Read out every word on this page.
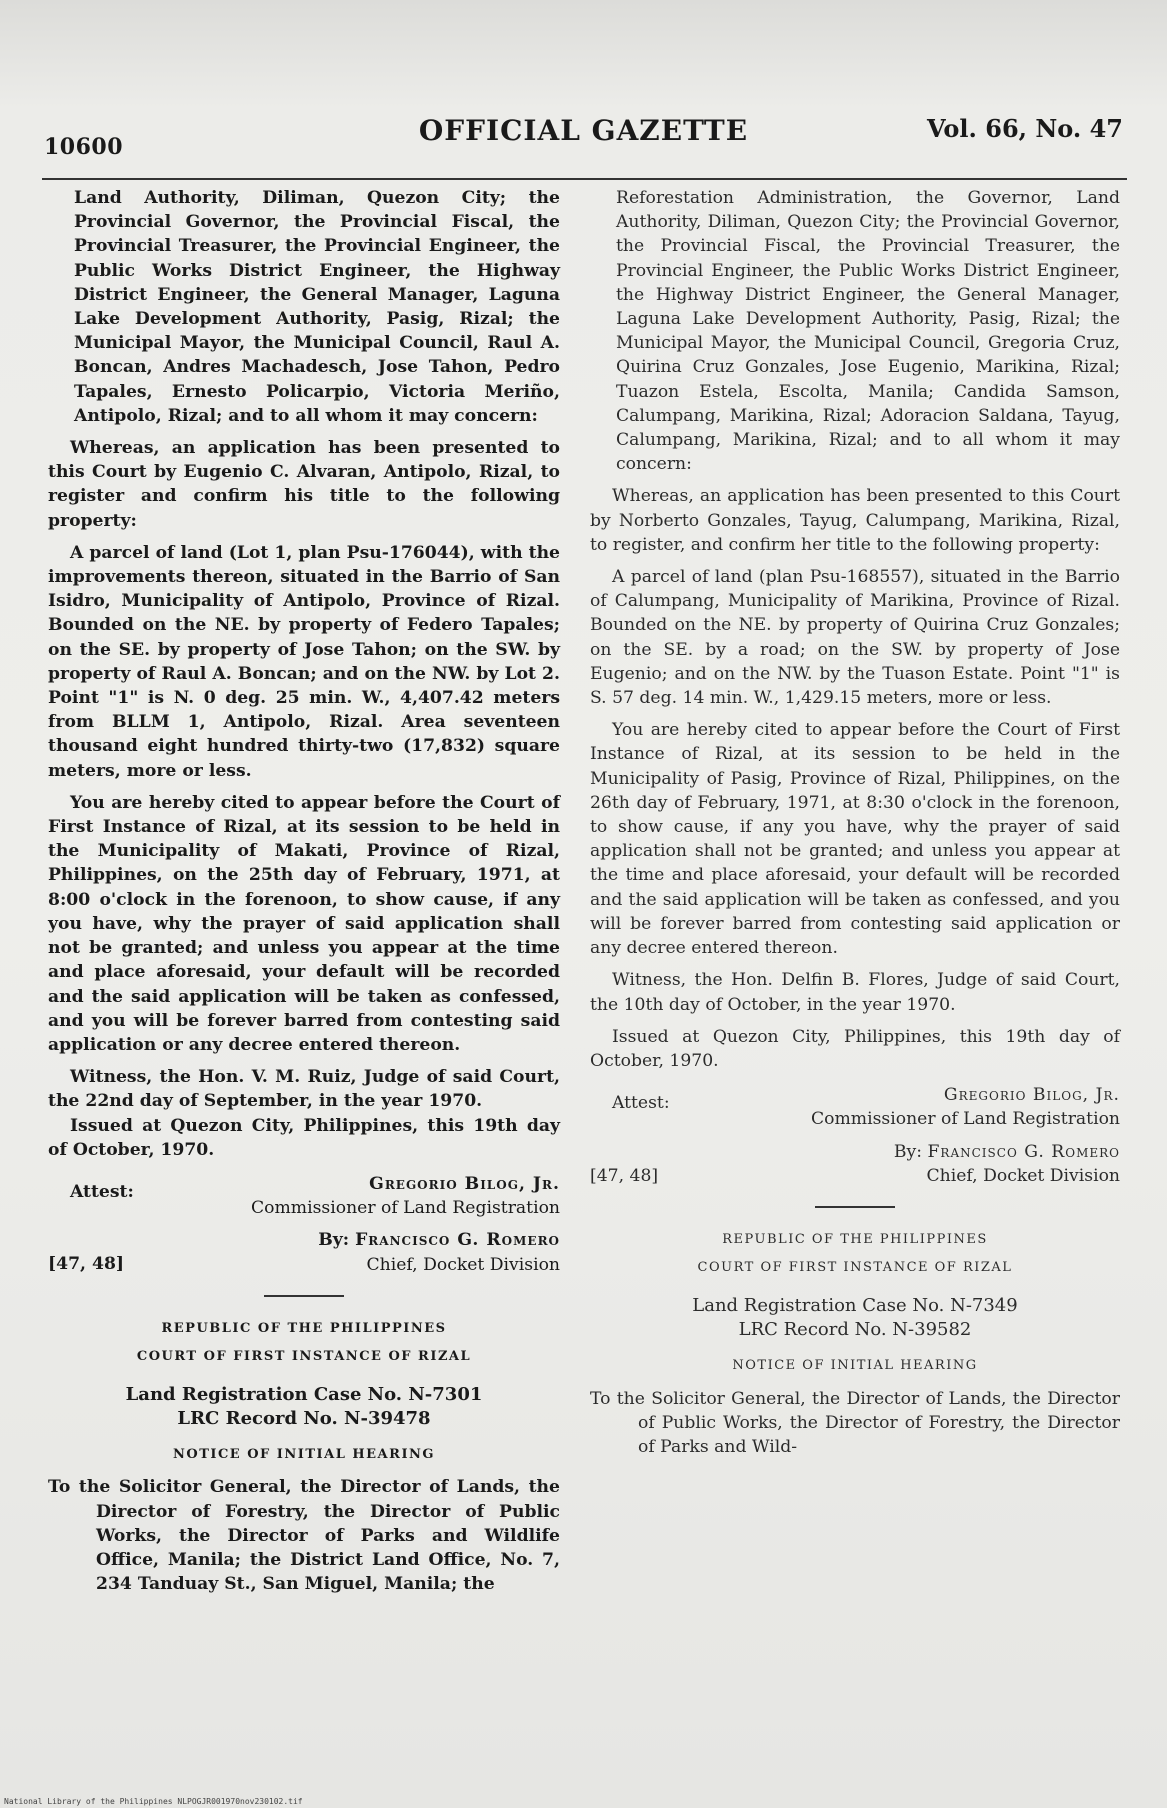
10600	OFFICIAL GAZETTE	Vol. 66, No. 47

Land Authority, Diliman, Quezon City; the Provincial Governor, the Provincial Fiscal, the Provincial Treasurer, the Provincial Engineer, the Public Works District Engineer, the Highway District Engineer, the General Manager, Laguna Lake Development Authority, Pasig, Rizal; the Municipal Mayor, the Municipal Council, Raul A. Boncan, Andres Machadesch, Jose Tahon, Pedro Tapales, Ernesto Policarpio, Victoria Meriño, Antipolo, Rizal; and to all whom it may concern:

Whereas, an application has been presented to this Court by Eugenio C. Alvaran, Antipolo, Rizal, to register and confirm his title to the following property:

A parcel of land (Lot 1, plan Psu-176044), with the improvements thereon, situated in the Barrio of San Isidro, Municipality of Antipolo, Province of Rizal. Bounded on the NE. by property of Federo Tapales; on the SE. by property of Jose Tahon; on the SW. by property of Raul A. Boncan; and on the NW. by Lot 2. Point "1" is N. 0 deg. 25 min. W., 4,407.42 meters from BLLM 1, Antipolo, Rizal. Area seventeen thousand eight hundred thirty-two (17,832) square meters, more or less.

You are hereby cited to appear before the Court of First Instance of Rizal, at its session to be held in the Municipality of Makati, Province of Rizal, Philippines, on the 25th day of February, 1971, at 8:00 o'clock in the forenoon, to show cause, if any you have, why the prayer of said application shall not be granted; and unless you appear at the time and place aforesaid, your default will be recorded and the said application will be taken as confessed, and you will be forever barred from contesting said application or any decree entered thereon.

Witness, the Hon. V. M. Ruiz, Judge of said Court, the 22nd day of September, in the year 1970.

Issued at Quezon City, Philippines, this 19th day of October, 1970.

Attest:	Gregorio Bilog, Jr.
Commissioner of Land Registration
[47, 48]
By: Francisco G. Romero
Chief, Docket Division
REPUBLIC OF THE PHILIPPINES
COURT OF FIRST INSTANCE OF RIZAL
Land Registration Case No. N-7301
LRC Record No. N-39478
NOTICE OF INITIAL HEARING

To the Solicitor General, the Director of Lands, the Director of Forestry, the Director of Public Works, the Director of Parks and Wildlife Office, Manila; the District Land Office, No. 7, 234 Tanduay St., San Miguel, Manila; the

Reforestation Administration, the Governor, Land Authority, Diliman, Quezon City; the Provincial Governor, the Provincial Fiscal, the Provincial Treasurer, the Provincial Engineer, the Public Works District Engineer, the Highway District Engineer, the General Manager, Laguna Lake Development Authority, Pasig, Rizal; the Municipal Mayor, the Municipal Council, Gregoria Cruz, Quirina Cruz Gonzales, Jose Eugenio, Marikina, Rizal; Tuazon Estela, Escolta, Manila; Candida Samson, Calumpang, Marikina, Rizal; Adoracion Saldana, Tayug, Calumpang, Marikina, Rizal; and to all whom it may concern:

Whereas, an application has been presented to this Court by Norberto Gonzales, Tayug, Calumpang, Marikina, Rizal, to register, and confirm her title to the following property:

A parcel of land (plan Psu-168557), situated in the Barrio of Calumpang, Municipality of Marikina, Province of Rizal. Bounded on the NE. by property of Quirina Cruz Gonzales; on the SE. by a road; on the SW. by property of Jose Eugenio; and on the NW. by the Tuason Estate. Point "1" is S. 57 deg. 14 min. W., 1,429.15 meters, more or less.

You are hereby cited to appear before the Court of First Instance of Rizal, at its session to be held in the Municipality of Pasig, Province of Rizal, Philippines, on the 26th day of February, 1971, at 8:30 o'clock in the forenoon, to show cause, if any you have, why the prayer of said application shall not be granted; and unless you appear at the time and place aforesaid, your default will be recorded and the said application will be taken as confessed, and you will be forever barred from contesting said application or any decree entered thereon.

Witness, the Hon. Delfin B. Flores, Judge of said Court, the 10th day of October, in the year 1970.

Issued at Quezon City, Philippines, this 19th day of October, 1970.

Attest:	Gregorio Bilog, Jr.
Commissioner of Land Registration
[47, 48]
By: Francisco G. Romero
Chief, Docket Division
REPUBLIC OF THE PHILIPPINES
COURT OF FIRST INSTANCE OF RIZAL
Land Registration Case No. N-7349
LRC Record No. N-39582
NOTICE OF INITIAL HEARING

To the Solicitor General, the Director of Lands, the Director of Public Works, the Director of Forestry, the Director of Parks and Wild-

National Library of the Philippines NLPOGJR001970nov230102.tif
